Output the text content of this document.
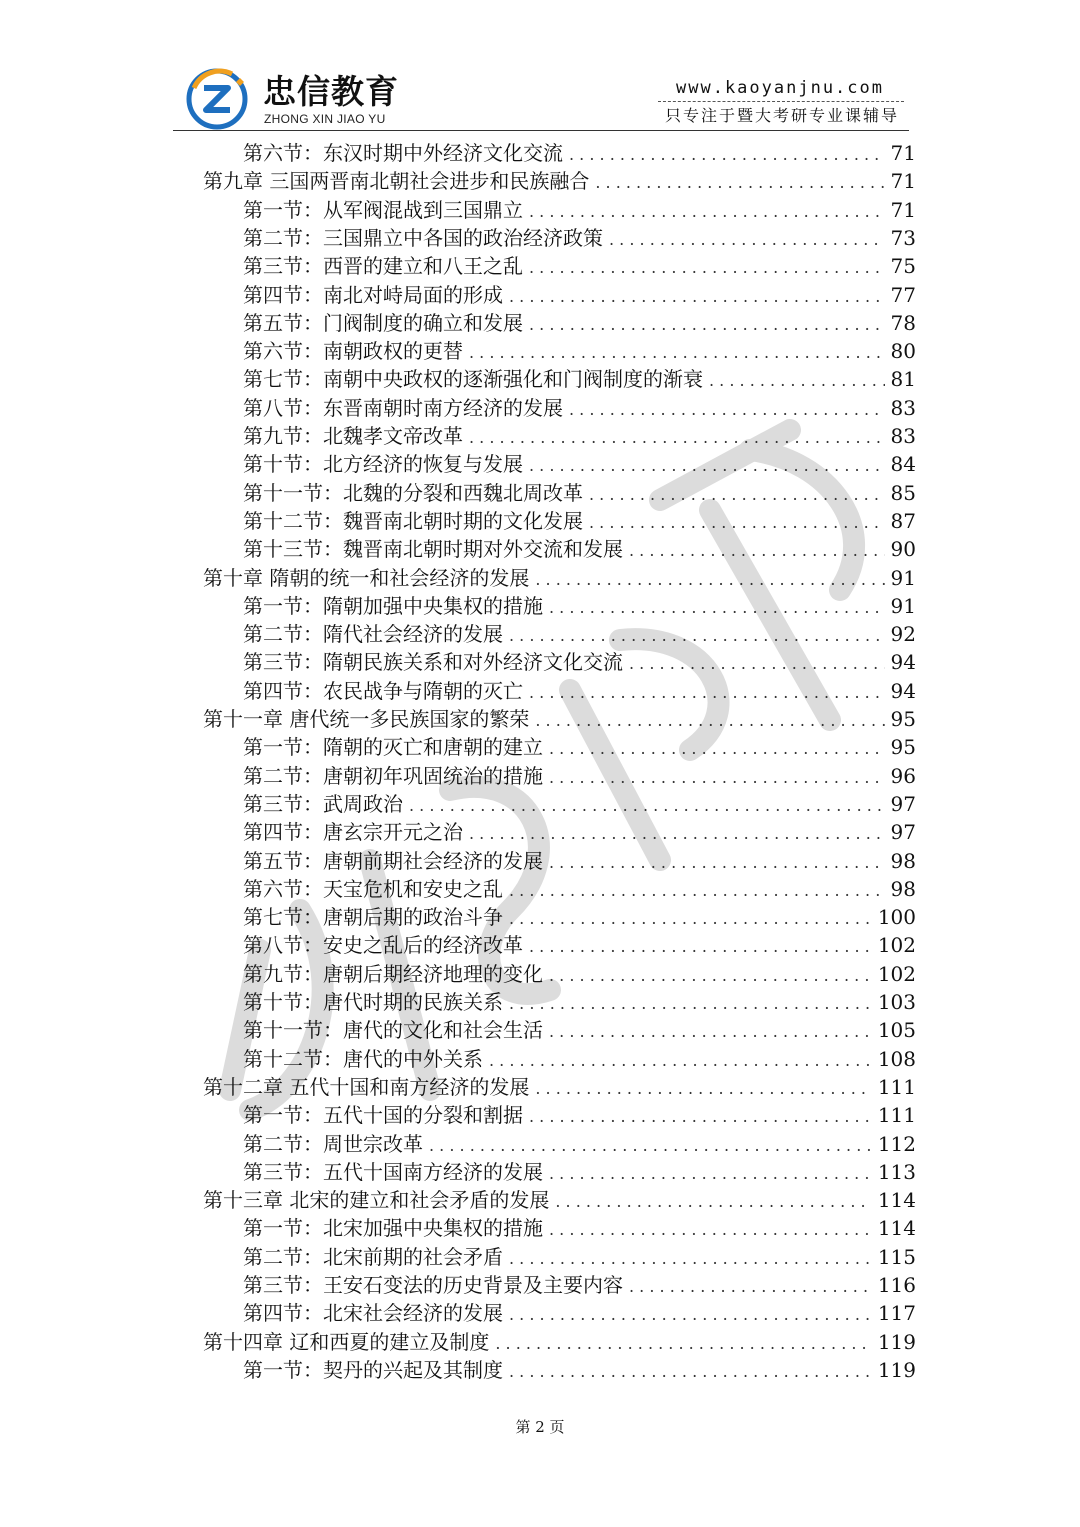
忠信教育
ZHONG XIN JIAO YU
www.kaoyanjnu.com
只专注于暨大考研专业课辅导
第六节：东汉时期中外经济文化交流 . . .	71
第九章 三国两晋南北朝社会进步和民族融合 . . .	71
第一节：从军阀混战到三国鼎立 . . .	71
第二节：三国鼎立中各国的政治经济政策 . . .	73
第三节：西晋的建立和八王之乱 . . .	75
第四节：南北对峙局面的形成 . . .	77
第五节：门阀制度的确立和发展 . . .	78
第六节：南朝政权的更替 . . .	80
第七节：南朝中央政权的逐渐强化和门阀制度的渐衰 . . .	81
第八节：东晋南朝时南方经济的发展 . . .	83
第九节：北魏孝文帝改革 . . .	83
第十节：北方经济的恢复与发展 . . .	84
第十一节：北魏的分裂和西魏北周改革 . . .	85
第十二节：魏晋南北朝时期的文化发展 . . .	87
第十三节：魏晋南北朝时期对外交流和发展 . . .	90
第十章 隋朝的统一和社会经济的发展 . . .	91
第一节：隋朝加强中央集权的措施 . . .	91
第二节：隋代社会经济的发展 . . .	92
第三节：隋朝民族关系和对外经济文化交流 . . .	94
第四节：农民战争与隋朝的灭亡 . . .	94
第十一章 唐代统一多民族国家的繁荣 . . .	95
第一节：隋朝的灭亡和唐朝的建立 . . .	95
第二节：唐朝初年巩固统治的措施 . . .	96
第三节：武周政治 . . .	97
第四节：唐玄宗开元之治 . . .	97
第五节：唐朝前期社会经济的发展 . . .	98
第六节：天宝危机和安史之乱 . . .	98
第七节：唐朝后期的政治斗争 . . .	100
第八节：安史之乱后的经济改革 . . .	102
第九节：唐朝后期经济地理的变化 . . .	102
第十节：唐代时期的民族关系 . . .	103
第十一节：唐代的文化和社会生活 . . .	105
第十二节：唐代的中外关系 . . .	108
第十二章 五代十国和南方经济的发展 . . .	111
第一节：五代十国的分裂和割据 . . .	111
第二节：周世宗改革 . . .	112
第三节：五代十国南方经济的发展 . . .	113
第十三章 北宋的建立和社会矛盾的发展 . . .	114
第一节：北宋加强中央集权的措施 . . .	114
第二节：北宋前期的社会矛盾 . . .	115
第三节：王安石变法的历史背景及主要内容 . . .	116
第四节：北宋社会经济的发展 . . .	117
第十四章 辽和西夏的建立及制度 . . .	119
第一节：契丹的兴起及其制度 . . .	119
第 2 页
